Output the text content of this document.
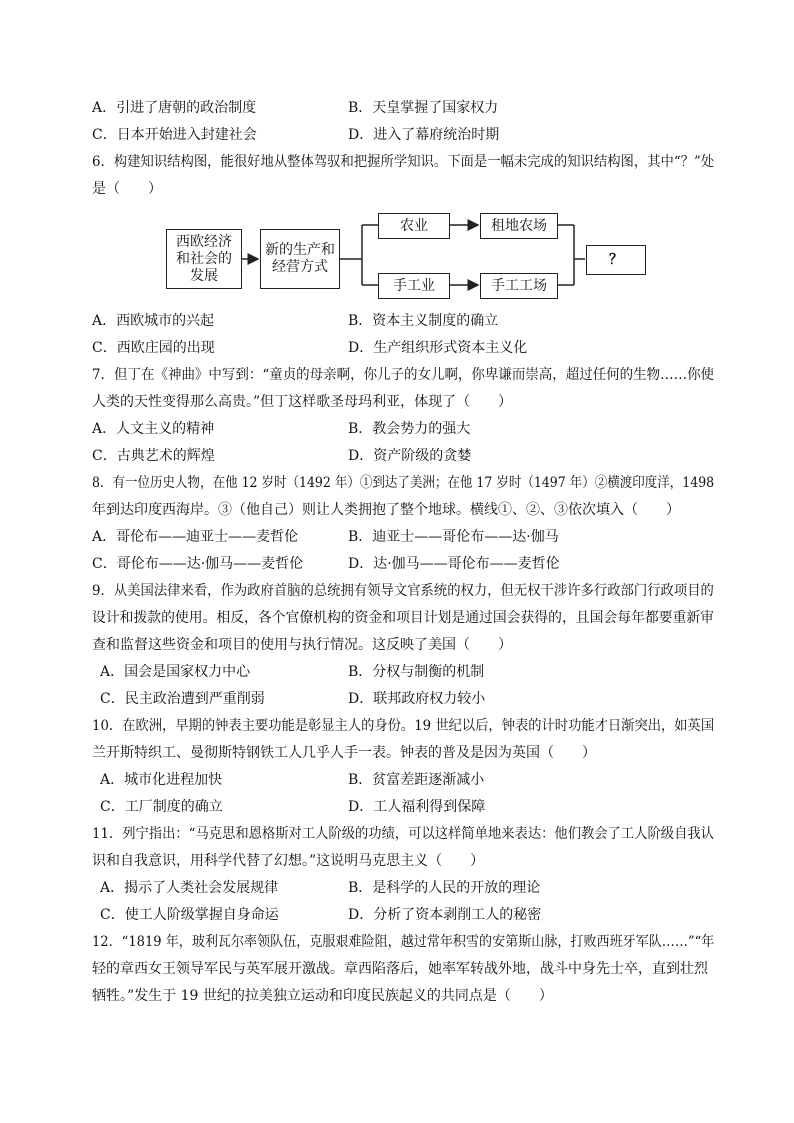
A．引进了唐朝的政治制度	B．天皇掌握了国家权力
C．日本开始进入封建社会	D．进入了幕府统治时期
6．构建知识结构图，能很好地从整体驾驭和把握所学知识。下面是一幅未完成的知识结构图，其中“？”处
是（　　）
西欧经济
和社会的
发展
新的生产和
经营方式
农业	租地农场
手工业	手工工场
？
A．西欧城市的兴起	B．资本主义制度的确立
C．西欧庄园的出现	D．生产组织形式资本主义化
7．但丁在《神曲》中写到：“童贞的母亲啊，你儿子的女儿啊，你卑谦而崇高，超过任何的生物……你使
人类的天性变得那么高贵。”但丁这样歌圣母玛利亚，体现了（　　）
A．人文主义的精神	B．教会势力的强大
C．古典艺术的辉煌	D．资产阶级的贪婪
8．有一位历史人物，在他 12 岁时（1492 年）①到达了美洲；在他 17 岁时（1497 年）②横渡印度洋，1498
年到达印度西海岸。③（他自己）则让人类拥抱了整个地球。横线①、②、③依次填入（　　）
A．哥伦布——迪亚士——麦哲伦	B．迪亚士——哥伦布——达·伽马
C．哥伦布——达·伽马——麦哲伦	D．达·伽马——哥伦布——麦哲伦
9．从美国法律来看，作为政府首脑的总统拥有领导文官系统的权力，但无权干涉许多行政部门行政项目的
设计和拨款的使用。相反，各个官僚机构的资金和项目计划是通过国会获得的，且国会每年都要重新审
查和监督这些资金和项目的使用与执行情况。这反映了美国（　　）
A．国会是国家权力中心	B．分权与制衡的机制
C．民主政治遭到严重削弱	D．联邦政府权力较小
10．在欧洲，早期的钟表主要功能是彰显主人的身份。19 世纪以后，钟表的计时功能才日渐突出，如英国
兰开斯特织工、曼彻斯特钢铁工人几乎人手一表。钟表的普及是因为英国（　　）
A．城市化进程加快	B．贫富差距逐渐减小
C．工厂制度的确立	D．工人福利得到保障
11．列宁指出：“马克思和恩格斯对工人阶级的功绩，可以这样简单地来表达：他们教会了工人阶级自我认
识和自我意识，用科学代替了幻想。”这说明马克思主义（　　）
A．揭示了人类社会发展规律	B．是科学的人民的开放的理论
C．使工人阶级掌握自身命运	D．分析了资本剥削工人的秘密
12．“1819 年，玻利瓦尔率领队伍，克服艰难险阻，越过常年积雪的安第斯山脉，打败西班牙军队……”“年
轻的章西女王领导军民与英军展开激战。章西陷落后，她率军转战外地，战斗中身先士卒，直到壮烈
牺牲。”发生于 19 世纪的拉美独立运动和印度民族起义的共同点是（　　）
